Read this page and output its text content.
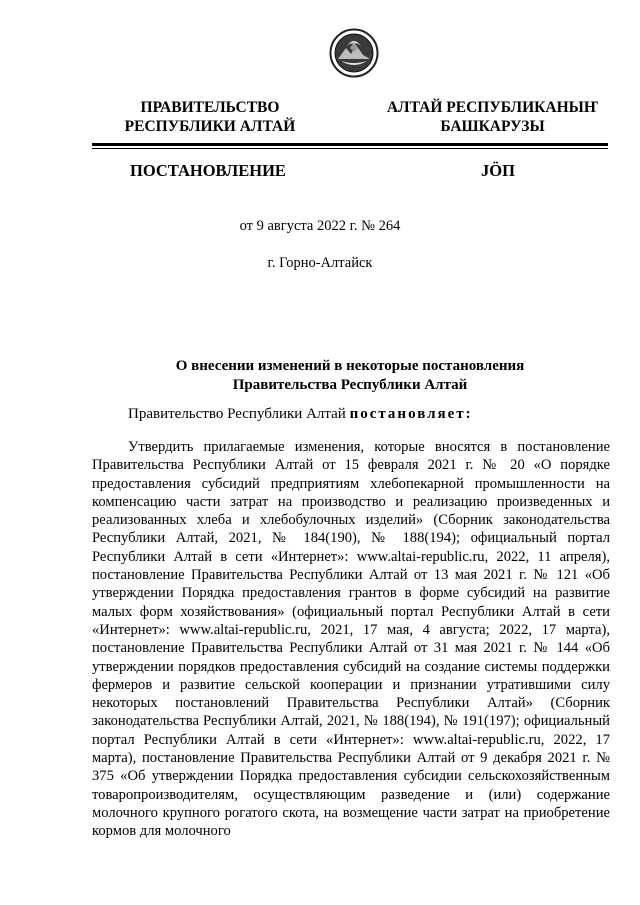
ПРАВИТЕЛЬСТВО
РЕСПУБЛИКИ АЛТАЙ
АЛТАЙ РЕСПУБЛИКАНЫҤ
БАШКАРУЗЫ
ПОСТАНОВЛЕНИЕ	JӦП
от 9 августа 2022 г. № 264
г. Горно-Алтайск
О внесении изменений в некоторые постановления
Правительства Республики Алтай
Правительство Республики Алтай постановляет:
Утвердить прилагаемые изменения, которые вносятся в постановление Правительства Республики Алтай от 15 февраля 2021 г. № 20 «О порядке предоставления субсидий предприятиям хлебопекарной промышленности на компенсацию части затрат на производство и реализацию произведенных и реализованных хлеба и хлебобулочных изделий» (Сборник законодательства Республики Алтай, 2021, № 184(190), № 188(194); официальный портал Республики Алтай в сети «Интернет»: www.altai-republic.ru, 2022, 11 апреля), постановление Правительства Республики Алтай от 13 мая 2021 г. № 121 «Об утверждении Порядка предоставления грантов в форме субсидий на развитие малых форм хозяйствования» (официальный портал Республики Алтай в сети «Интернет»: www.altai-republic.ru, 2021, 17 мая, 4 августа; 2022, 17 марта), постановление Правительства Республики Алтай от 31 мая 2021 г. № 144 «Об утверждении порядков предоставления субсидий на создание системы поддержки фермеров и развитие сельской кооперации и признании утратившими силу некоторых постановлений Правительства Республики Алтай» (Сборник законодательства Республики Алтай, 2021, № 188(194), № 191(197); официальный портал Республики Алтай в сети «Интернет»: www.altai-republic.ru, 2022, 17 марта), постановление Правительства Республики Алтай от 9 декабря 2021 г. № 375 «Об утверждении Порядка предоставления субсидии сельскохозяйственным товаропроизводителям, осуществляющим разведение и (или) содержание молочного крупного рогатого скота, на возмещение части затрат на приобретение кормов для молочного
